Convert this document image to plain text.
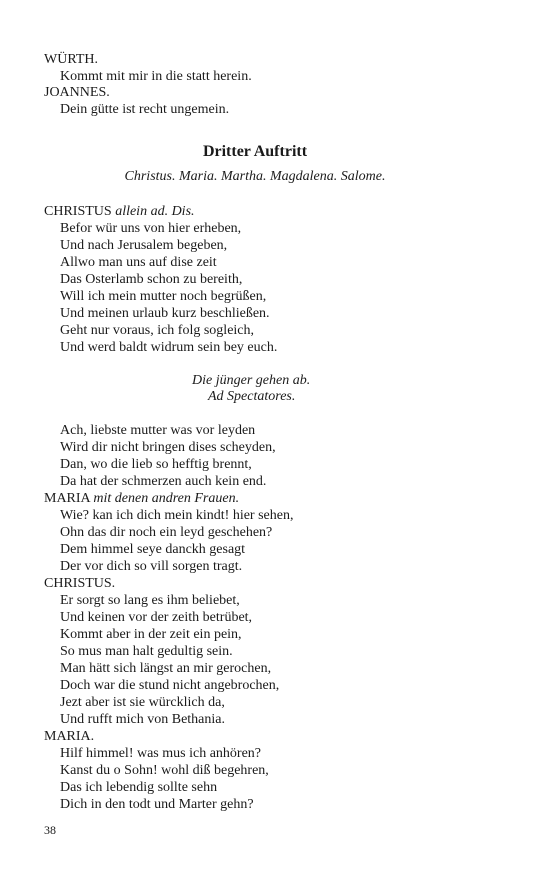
WÜRTH.
Kommt mit mir in die statt herein.
JOANNES.
Dein gütte ist recht ungemein.
Dritter Auftritt
Christus. Maria. Martha. Magdalena. Salome.
CHRISTUS allein ad. Dis.
Befor wür uns von hier erheben,
Und nach Jerusalem begeben,
Allwo man uns auf dise zeit
Das Osterlamb schon zu bereith,
Will ich mein mutter noch begrüßen,
Und meinen urlaub kurz beschließen.
Geht nur voraus, ich folg sogleich,
Und werd baldt widrum sein bey euch.
Die jünger gehen ab.
Ad Spectatores.
Ach, liebste mutter was vor leyden
Wird dir nicht bringen dises scheyden,
Dan, wo die lieb so hefftig brennt,
Da hat der schmerzen auch kein end.
MARIA mit denen andren Frauen.
Wie? kan ich dich mein kindt! hier sehen,
Ohn das dir noch ein leyd geschehen?
Dem himmel seye danckh gesagt
Der vor dich so vill sorgen tragt.
CHRISTUS.
Er sorgt so lang es ihm beliebet,
Und keinen vor der zeith betrübet,
Kommt aber in der zeit ein pein,
So mus man halt gedultig sein.
Man hätt sich längst an mir gerochen,
Doch war die stund nicht angebrochen,
Jezt aber ist sie würcklich da,
Und rufft mich von Bethania.
MARIA.
Hilf himmel! was mus ich anhören?
Kanst du o Sohn! wohl diß begehren,
Das ich lebendig sollte sehn
Dich in den todt und Marter gehn?
38
